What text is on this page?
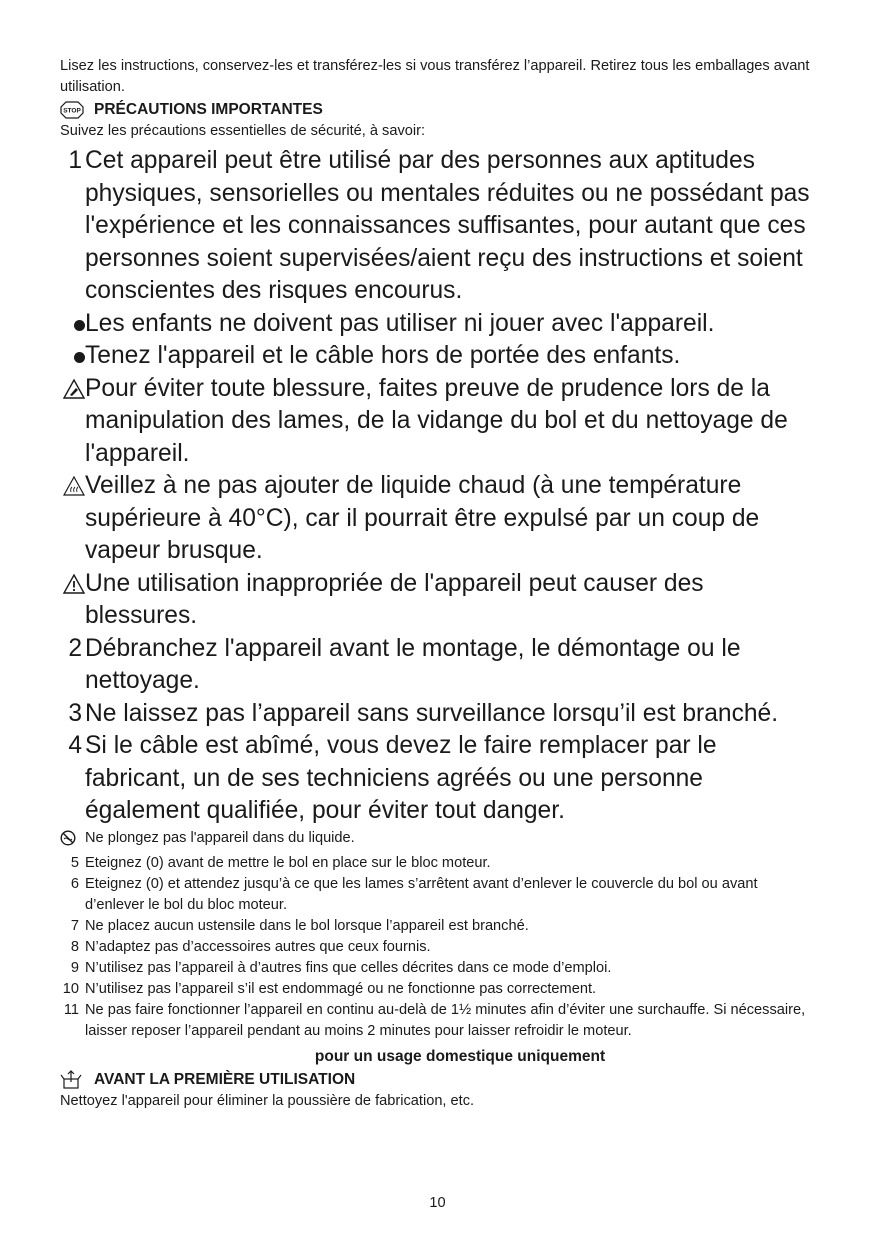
Lisez les instructions, conservez-les et transférez-les si vous transférez l’appareil. Retirez tous les emballages avant utilisation.

STOP PRÉCAUTIONS IMPORTANTES

Suivez les précautions essentielles de sécurité, à savoir:

1 Cet appareil peut être utilisé par des personnes aux aptitudes physiques, sensorielles ou mentales réduites ou ne possédant pas l'expérience et les connaissances suffisantes, pour autant que ces personnes soient supervisées/aient reçu des instructions et soient conscientes des risques encourus.
Les enfants ne doivent pas utiliser ni jouer avec l'appareil.
Tenez l'appareil et le câble hors de portée des enfants.
Pour éviter toute blessure, faites preuve de prudence lors de la manipulation des lames, de la vidange du bol et du nettoyage de l'appareil.
Veillez à ne pas ajouter de liquide chaud (à une température supérieure à 40°C), car il pourrait être expulsé par un coup de vapeur brusque.
Une utilisation inappropriée de l'appareil peut causer des blessures.
2 Débranchez l'appareil avant le montage, le démontage ou le nettoyage.
3 Ne laissez pas l’appareil sans surveillance lorsqu’il est branché.
4 Si le câble est abîmé, vous devez le faire remplacer par le fabricant, un de ses techniciens agréés ou une personne également qualifiée, pour éviter tout danger.
Ne plongez pas l'appareil dans du liquide.
5 Eteignez (0) avant de mettre le bol en place sur le bloc moteur.
6 Eteignez (0) et attendez jusqu’à ce que les lames s’arrêtent avant d’enlever le couvercle du bol ou avant d’enlever le bol du bloc moteur.
7 Ne placez aucun ustensile dans le bol lorsque l’appareil est branché.
8 N’adaptez pas d’accessoires autres que ceux fournis.
9 N’utilisez pas l’appareil à d’autres fins que celles décrites dans ce mode d’emploi.
10 N’utilisez pas l’appareil s’il est endommagé ou ne fonctionne pas correctement.
11 Ne pas faire fonctionner l’appareil en continu au-delà de 1½ minutes afin d’éviter une surchauffe. Si nécessaire, laisser reposer l’appareil pendant au moins 2 minutes pour laisser refroidir le moteur.
pour un usage domestique uniquement
AVANT LA PREMIÈRE UTILISATION

Nettoyez l'appareil pour éliminer la poussière de fabrication, etc.

10
